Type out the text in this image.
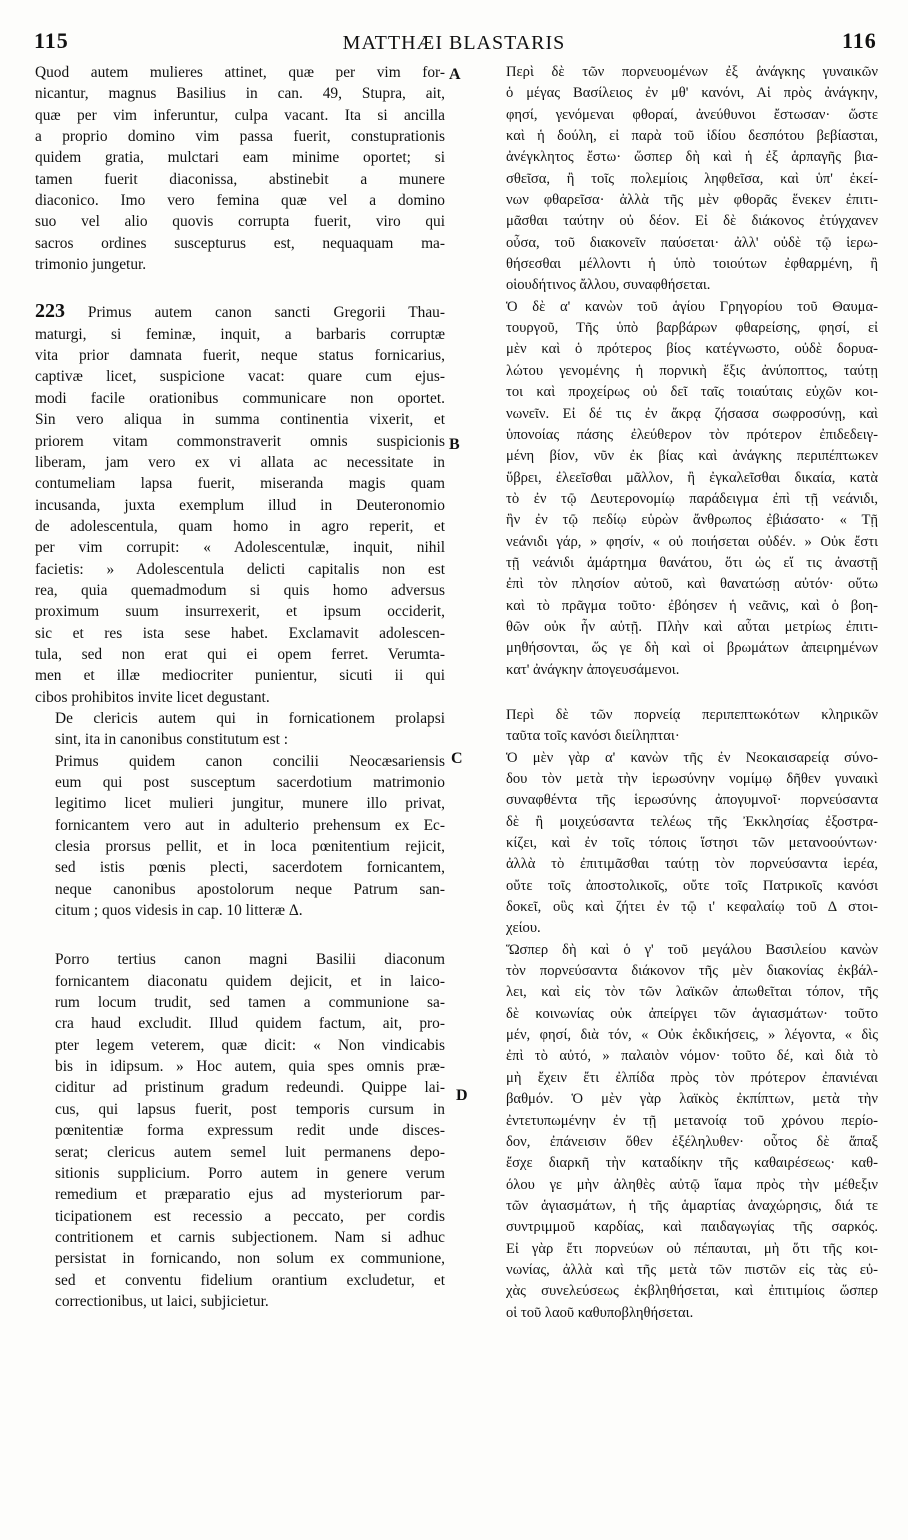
115	MATTHÆI BLASTARIS	116
Quod autem mulieres attinet, quæ per vim for-
nicantur, magnus Basilius in can. 49, Stupra, ait,
quæ per vim inferuntur, culpa vacant. Ita si ancilla
a proprio domino vim passa fuerit, constuprationis
quidem gratia, mulctari eam minime oportet; si
tamen fuerit diaconissa, abstinebit a munere
diaconico. Imo vero femina quæ vel a domino
suo vel alio quovis corrupta fuerit, viro qui
sacros ordines suscepturus est, nequaquam ma-
trimonio jungetur.
223 Primus autem canon sancti Gregorii Thau-
maturgi, si feminæ, inquit, a barbaris corruptæ
vita prior damnata fuerit, neque status fornicarius,
captivæ licet, suspicione vacat: quare cum ejus-
modi facile orationibus communicare non oportet.
Sin vero aliqua in summa continentia vixerit, et
priorem vitam commonstraverit omnis suspicionis
liberam, jam vero ex vi allata ac necessitate in
contumeliam lapsa fuerit, miseranda magis quam
incusanda, juxta exemplum illud in Deuteronomio
de adolescentula, quam homo in agro reperit, et
per vim corrupit: « Adolescentulæ, inquit, nihil
facietis: » Adolescentula delicti capitalis non est
rea, quia quemadmodum si quis homo adversus
proximum suum insurrexerit, et ipsum occiderit,
sic et res ista sese habet. Exclamavit adolescen-
tula, sed non erat qui ei opem ferret. Verumta-
men et illæ mediocriter punientur, sicuti ii qui
cibos prohibitos invite licet degustant.
De clericis autem qui in fornicationem prolapsi
sint, ita in canonibus constitutum est :
Primus quidem canon concilii Neocæsariensis
eum qui post susceptum sacerdotium matrimonio
legitimo licet mulieri jungitur, munere illo privat,
fornicantem vero aut in adulterio prehensum ex Ec-
clesia prorsus pellit, et in loca pœnitentium rejicit,
sed istis pœnis plecti, sacerdotem fornicantem,
neque canonibus apostolorum neque Patrum san-
citum ; quos videsis in cap. 10 litteræ Δ.
Porro tertius canon magni Basilii diaconum
fornicantem diaconatu quidem dejicit, et in laico-
rum locum trudit, sed tamen a communione sa-
cra haud excludit. Illud quidem factum, ait, pro-
pter legem veterem, quæ dicit: « Non vindicabis
bis in idipsum. » Hoc autem, quia spes omnis præ-
ciditur ad pristinum gradum redeundi. Quippe lai-
cus, qui lapsus fuerit, post temporis cursum in
pœnitentiæ forma expressum redit unde disces-
serat; clericus autem semel luit permanens depo-
sitionis supplicium. Porro autem in genere verum
remedium et præparatio ejus ad mysteriorum par-
ticipationem est recessio a peccato, per cordis
contritionem et carnis subjectionem. Nam si adhuc
persistat in fornicando, non solum ex communione,
sed et conventu fidelium orantium excludetur, et
correctionibus, ut laici, subjicietur.
A
B
C
D
Περὶ δὲ τῶν πορνευομένων ἐξ ἀνάγκης γυναικῶν
ὁ μέγας Βασίλειος ἐν μθ' κανόνι, Αἱ πρὸς ἀνάγκην,
φησί, γενόμεναι φθοραί, ἀνεύθυνοι ἔστωσαν· ὥστε
καὶ ἡ δούλη, εἰ παρὰ τοῦ ἰδίου δεσπότου βεβίασται,
ἀνέγκλητος ἔστω· ὥσπερ δὴ καὶ ἡ ἐξ ἁρπαγῆς βια-
σθεῖσα, ἢ τοῖς πολεμίοις ληφθεῖσα, καὶ ὑπ' ἐκεί-
νων φθαρεῖσα· ἀλλὰ τῆς μὲν φθορᾶς ἕνεκεν ἐπιτι-
μᾶσθαι ταύτην οὐ δέον. Εἰ δὲ διάκονος ἐτύγχανεν
οὖσα, τοῦ διακονεῖν παύσεται· ἀλλ' οὐδὲ τῷ ἱερω-
θήσεσθαι μέλλοντι ἡ ὑπὸ τοιούτων ἐφθαρμένη, ἢ
οἱουδήτινος ἄλλου, συναφθήσεται.
Ὁ δὲ α' κανὼν τοῦ ἁγίου Γρηγορίου τοῦ Θαυμα-
τουργοῦ, Τῆς ὑπὸ βαρβάρων φθαρείσης, φησί, εἰ
μὲν καὶ ὁ πρότερος βίος κατέγνωστο, οὐδὲ δορυα-
λώτου γενομένης ἡ πορνικὴ ἕξις ἀνύποπτος, ταύτῃ
τοι καὶ προχείρως οὐ δεῖ ταῖς τοιαύταις εὐχῶν κοι-
νωνεῖν. Εἰ δέ τις ἐν ἄκρᾳ ζήσασα σωφροσύνῃ, καὶ
ὑπονοίας πάσης ἐλεύθερον τὸν πρότερον ἐπιδεδειγ-
μένη βίον, νῦν ἐκ βίας καὶ ἀνάγκης περιπέπτωκεν
ὕβρει, ἐλεεῖσθαι μᾶλλον, ἢ ἐγκαλεῖσθαι δικαία, κατὰ
τὸ ἐν τῷ Δευτερονομίῳ παράδειγμα ἐπὶ τῇ νεάνιδι,
ἣν ἐν τῷ πεδίῳ εὑρὼν ἄνθρωπος ἐβιάσατο· « Τῇ
νεάνιδι γάρ, » φησίν, « οὐ ποιήσεται οὐδέν. » Οὐκ ἔστι
τῇ νεάνιδι ἁμάρτημα θανάτου, ὅτι ὡς εἴ τις ἀναστῇ
ἐπὶ τὸν πλησίον αὐτοῦ, καὶ θανατώσῃ αὐτόν· οὕτω
καὶ τὸ πρᾶγμα τοῦτο· ἐβόησεν ἡ νεᾶνις, καὶ ὁ βοη-
θῶν οὐκ ἦν αὐτῇ. Πλὴν καὶ αὗται μετρίως ἐπιτι-
μηθήσονται, ὥς γε δὴ καὶ οἱ βρωμάτων ἀπειρημένων
κατ' ἀνάγκην ἀπογευσάμενοι.
Περὶ δὲ τῶν πορνείᾳ περιπεπτωκότων κληρικῶν
ταῦτα τοῖς κανόσι διείληπται·
Ὁ μὲν γὰρ α' κανὼν τῆς ἐν Νεοκαισαρείᾳ σύνο-
δου τὸν μετὰ τὴν ἱερωσύνην νομίμῳ δῆθεν γυναικὶ
συναφθέντα τῆς ἱερωσύνης ἀπογυμνοῖ· πορνεύσαντα
δὲ ἢ μοιχεύσαντα τελέως τῆς Ἐκκλησίας ἐξοστρα-
κίζει, καὶ ἐν τοῖς τόποις ἵστησι τῶν μετανοούντων·
ἀλλὰ τὸ ἐπιτιμᾶσθαι ταύτῃ τὸν πορνεύσαντα ἱερέα,
οὔτε τοῖς ἀποστολικοῖς, οὔτε τοῖς Πατρικοῖς κανόσι
δοκεῖ, οὓς καὶ ζήτει ἐν τῷ ι' κεφαλαίῳ τοῦ Δ στοι-
χείου.
Ὥσπερ δὴ καὶ ὁ γ' τοῦ μεγάλου Βασιλείου κανὼν
τὸν πορνεύσαντα διάκονον τῆς μὲν διακονίας ἐκβάλ-
λει, καὶ εἰς τὸν τῶν λαϊκῶν ἀπωθεῖται τόπον, τῆς
δὲ κοινωνίας οὐκ ἀπείργει τῶν ἁγιασμάτων· τοῦτο
μέν, φησί, διὰ τόν, « Οὐκ ἐκδικήσεις, » λέγοντα, « δὶς
ἐπὶ τὸ αὐτό, » παλαιὸν νόμον· τοῦτο δέ, καὶ διὰ τὸ
μὴ ἔχειν ἔτι ἐλπίδα πρὸς τὸν πρότερον ἐπανιέναι
βαθμόν. Ὁ μὲν γὰρ λαϊκὸς ἐκπίπτων, μετὰ τὴν
ἐντετυπωμένην ἐν τῇ μετανοίᾳ τοῦ χρόνου περίο-
δον, ἐπάνεισιν ὅθεν ἐξέληλυθεν· οὗτος δὲ ἅπαξ
ἔσχε διαρκῆ τὴν καταδίκην τῆς καθαιρέσεως· καθ-
όλου γε μὴν ἀληθὲς αὐτῷ ἴαμα πρὸς τὴν μέθεξιν
τῶν ἁγιασμάτων, ἡ τῆς ἁμαρτίας ἀναχώρησις, διά τε
συντριμμοῦ καρδίας, καὶ παιδαγωγίας τῆς σαρκός.
Εἰ γὰρ ἔτι πορνεύων οὐ πέπαυται, μὴ ὅτι τῆς κοι-
νωνίας, ἀλλὰ καὶ τῆς μετὰ τῶν πιστῶν εἰς τὰς εὐ-
χὰς συνελεύσεως ἐκβληθήσεται, καὶ ἐπιτιμίοις ὥσπερ
οἱ τοῦ λαοῦ καθυποβληθήσεται.
